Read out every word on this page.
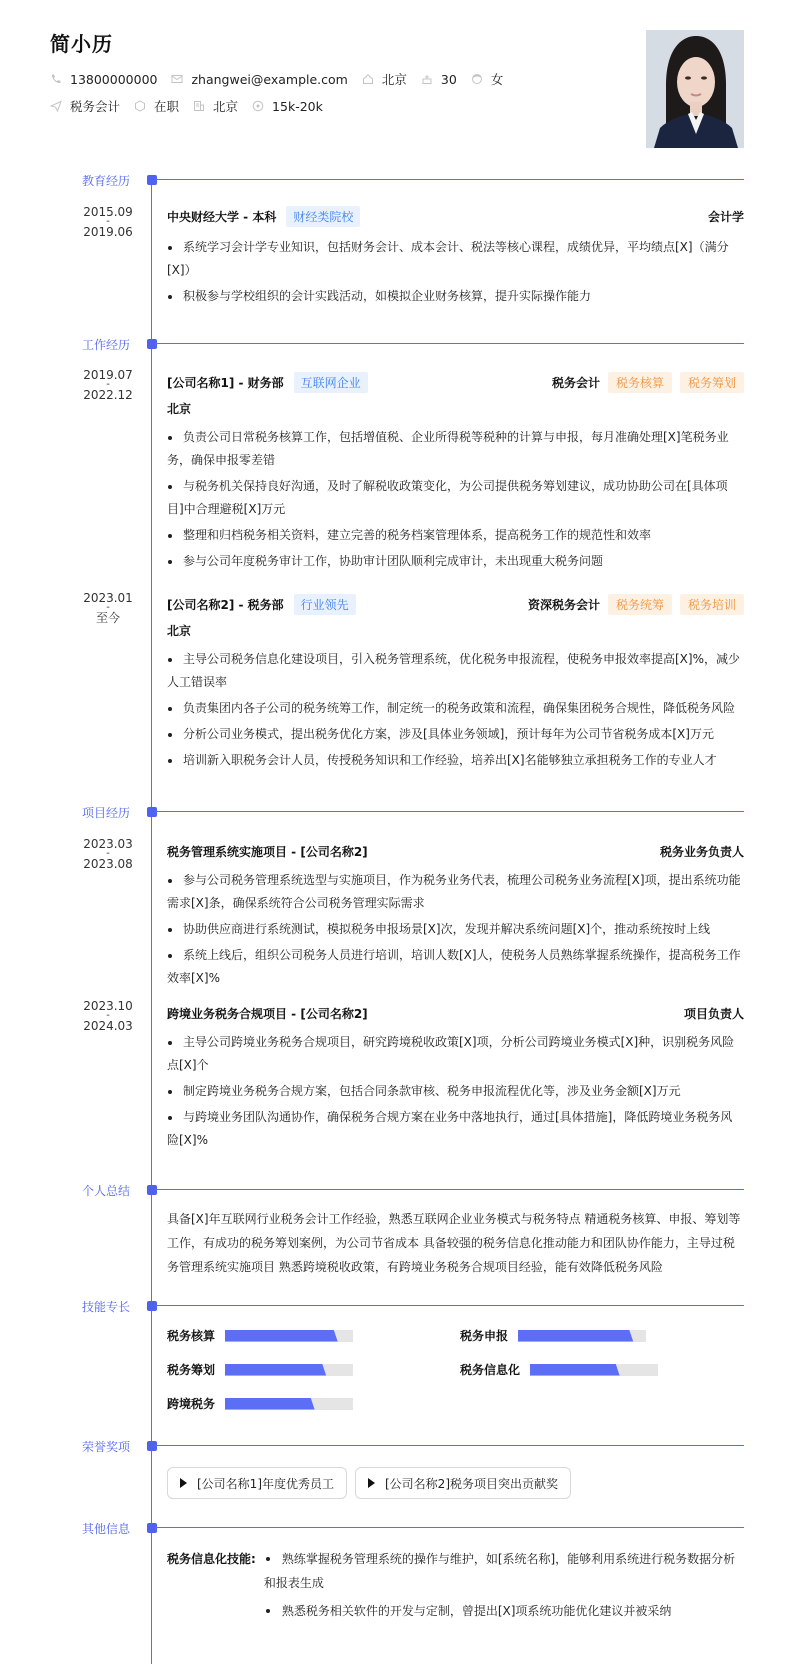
简小历
13800000000	zhangwei@example.com	北京	30	女
税务会计	在职	北京	15k-20k
教育经历
2015.09
-
2019.06
中央财经大学 - 本科	财经类院校	会计学
系统学习会计学专业知识，包括财务会计、成本会计、税法等核心课程，成绩优异，平均绩点[X]（满分[X]）
积极参与学校组织的会计实践活动，如模拟企业财务核算，提升实际操作能力
工作经历
2019.07
-
2022.12
[公司名称1] - 财务部	互联网企业	税务会计	税务核算	税务筹划
北京
负责公司日常税务核算工作，包括增值税、企业所得税等税种的计算与申报，每月准确处理[X]笔税务业务，确保申报零差错
与税务机关保持良好沟通，及时了解税收政策变化，为公司提供税务筹划建议，成功协助公司在[具体项目]中合理避税[X]万元
整理和归档税务相关资料，建立完善的税务档案管理体系，提高税务工作的规范性和效率
参与公司年度税务审计工作，协助审计团队顺利完成审计，未出现重大税务问题
2023.01
-
至今
[公司名称2] - 税务部	行业领先	资深税务会计	税务统筹	税务培训
北京
主导公司税务信息化建设项目，引入税务管理系统，优化税务申报流程，使税务申报效率提高[X]%，减少人工错误率
负责集团内各子公司的税务统筹工作，制定统一的税务政策和流程，确保集团税务合规性，降低税务风险
分析公司业务模式，提出税务优化方案，涉及[具体业务领域]，预计每年为公司节省税务成本[X]万元
培训新入职税务会计人员，传授税务知识和工作经验，培养出[X]名能够独立承担税务工作的专业人才
项目经历
2023.03
-
2023.08
税务管理系统实施项目 - [公司名称2]	税务业务负责人
参与公司税务管理系统选型与实施项目，作为税务业务代表，梳理公司税务业务流程[X]项，提出系统功能需求[X]条，确保系统符合公司税务管理实际需求
协助供应商进行系统测试，模拟税务申报场景[X]次，发现并解决系统问题[X]个，推动系统按时上线
系统上线后，组织公司税务人员进行培训，培训人数[X]人，使税务人员熟练掌握系统操作，提高税务工作效率[X]%
2023.10
-
2024.03
跨境业务税务合规项目 - [公司名称2]	项目负责人
主导公司跨境业务税务合规项目，研究跨境税收政策[X]项，分析公司跨境业务模式[X]种，识别税务风险点[X]个
制定跨境业务税务合规方案，包括合同条款审核、税务申报流程优化等，涉及业务金额[X]万元
与跨境业务团队沟通协作，确保税务合规方案在业务中落地执行，通过[具体措施]，降低跨境业务税务风险[X]%
个人总结
具备[X]年互联网行业税务会计工作经验，熟悉互联网企业业务模式与税务特点 精通税务核算、申报、筹划等工作，有成功的税务筹划案例，为公司节省成本 具备较强的税务信息化推动能力和团队协作能力，主导过税务管理系统实施项目 熟悉跨境税收政策，有跨境业务税务合规项目经验，能有效降低税务风险
技能专长
税务核算	税务申报
税务筹划	税务信息化
跨境税务
荣誉奖项
[公司名称1]年度优秀员工	[公司名称2]税务项目突出贡献奖
其他信息
税务信息化技能:	熟练掌握税务管理系统的操作与维护，如[系统名称]，能够利用系统进行税务数据分析和报表生成
熟悉税务相关软件的开发与定制，曾提出[X]项系统功能优化建议并被采纳
